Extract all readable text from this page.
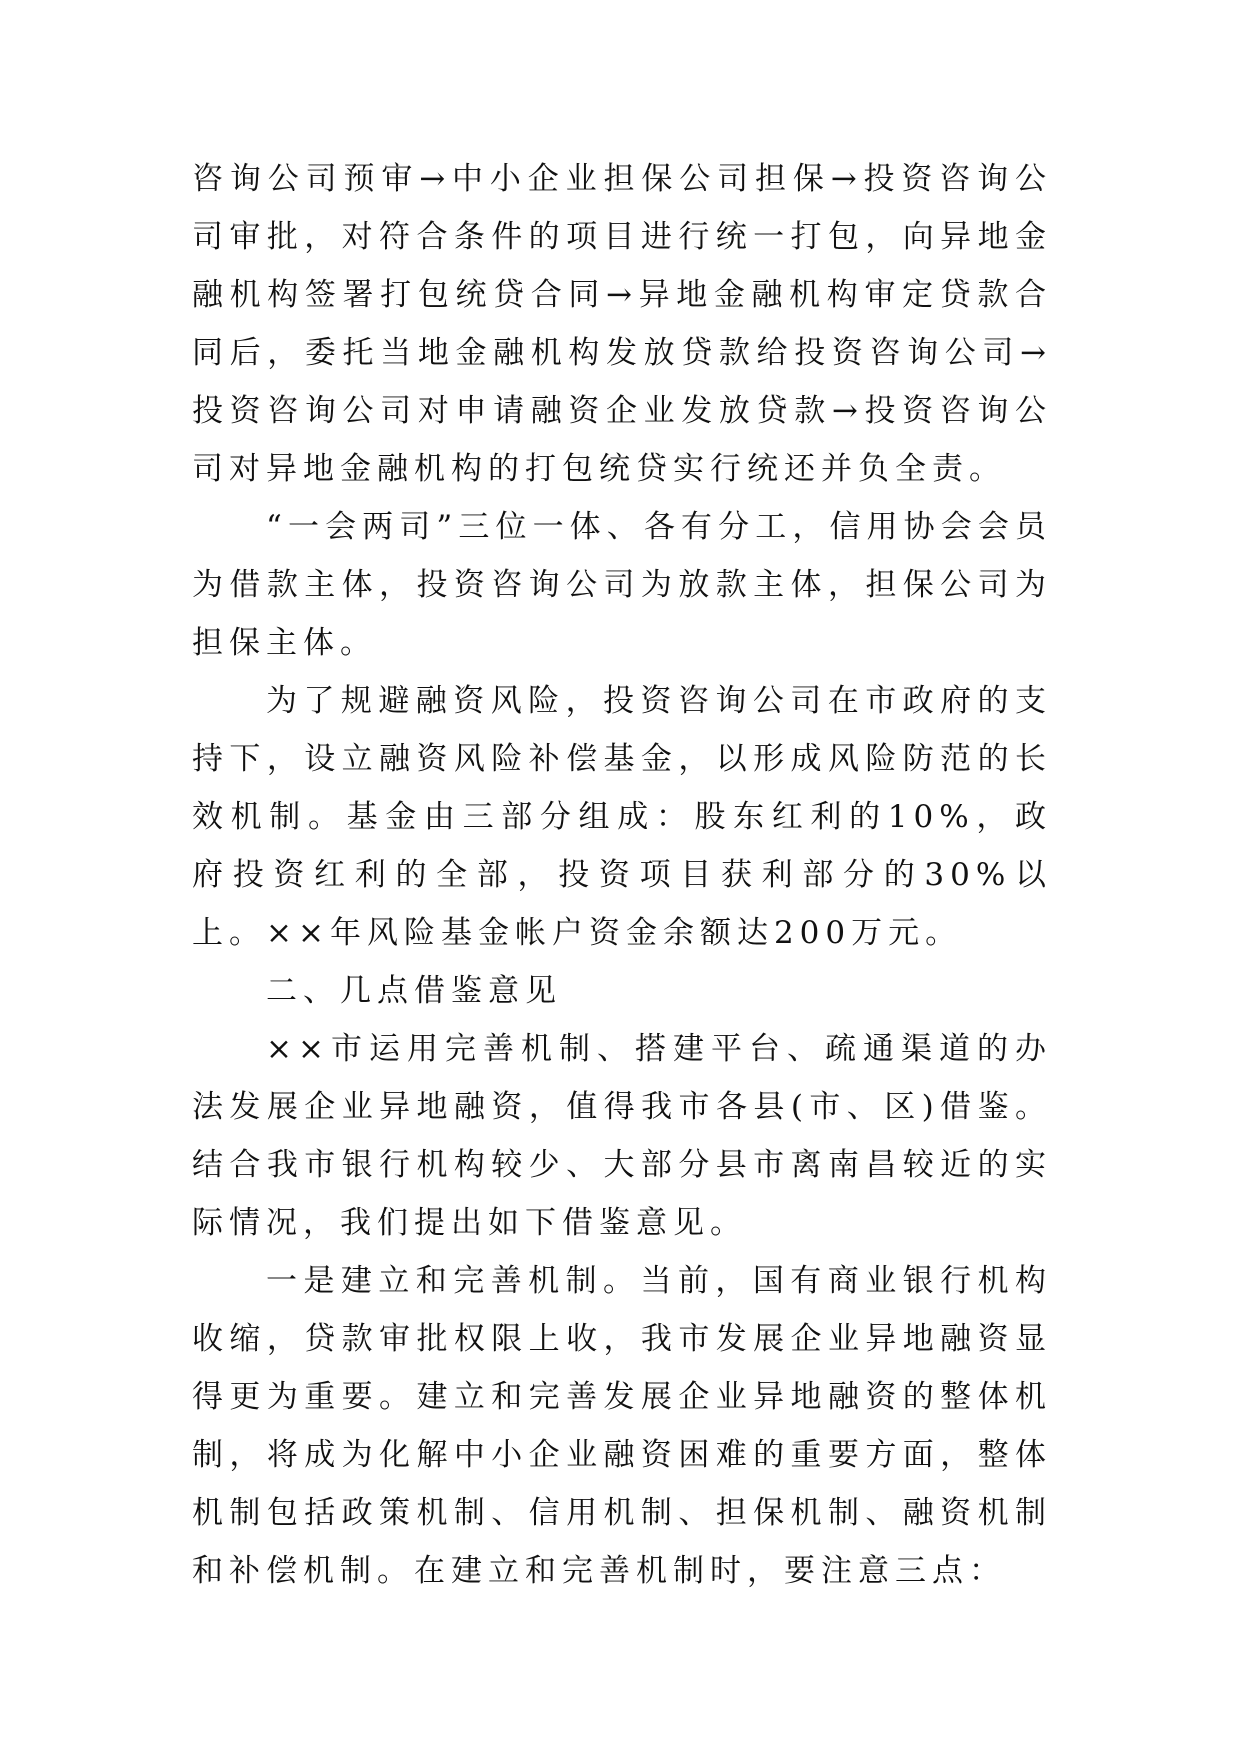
咨询公司预审→中小企业担保公司担保→投资咨询公司审批，对符合条件的项目进行统一打包，向异地金融机构签署打包统贷合同→异地金融机构审定贷款合同后，委托当地金融机构发放贷款给投资咨询公司→投资咨询公司对申请融资企业发放贷款→投资咨询公司对异地金融机构的打包统贷实行统还并负全责。

“一会两司”三位一体、各有分工，信用协会会员为借款主体，投资咨询公司为放款主体，担保公司为担保主体。

为了规避融资风险，投资咨询公司在市政府的支持下，设立融资风险补偿基金，以形成风险防范的长效机制。基金由三部分组成：股东红利的10%，政府投资红利的全部，投资项目获利部分的30%以上。××年风险基金帐户资金余额达200万元。

二、几点借鉴意见

××市运用完善机制、搭建平台、疏通渠道的办法发展企业异地融资，值得我市各县(市、区)借鉴。结合我市银行机构较少、大部分县市离南昌较近的实际情况，我们提出如下借鉴意见。

一是建立和完善机制。当前，国有商业银行机构收缩，贷款审批权限上收，我市发展企业异地融资显得更为重要。建立和完善发展企业异地融资的整体机制，将成为化解中小企业融资困难的重要方面，整体机制包括政策机制、信用机制、担保机制、融资机制和补偿机制。在建立和完善机制时，要注意三点：
